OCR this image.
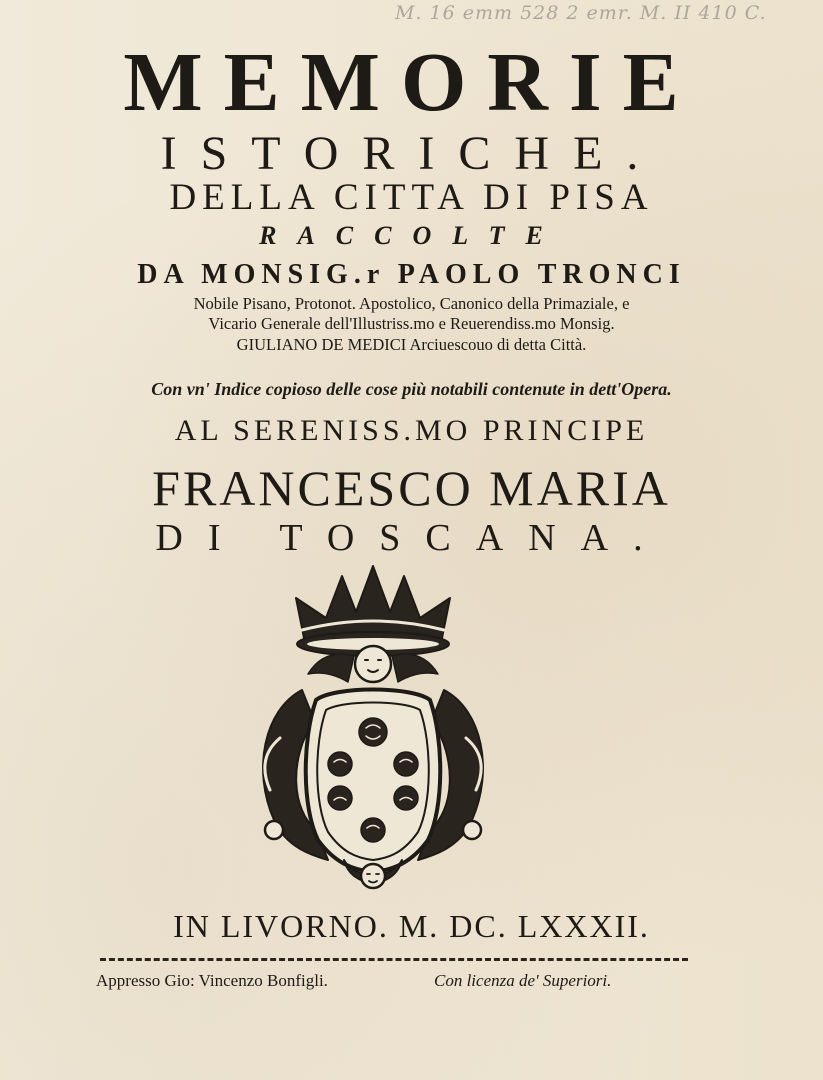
M. 16 emm 528 2 emr. M. II 410 C.
MEMORIE
ISTORICHE.
DELLA CITTA DI PISA
RACCOLTE
DA MONSIG.r PAOLO TRONCI
Nobile Pisano, Protonot. Apostolico, Canonico della Primaziale, e
Vicario Generale dell'Illustriss.mo e Reuerendiss.mo Monsig.
GIULIANO DE MEDICI Arciuescouo di detta Città.
Con vn' Indice copioso delle cose più notabili contenute in dett'Opera.
AL SERENISS.MO PRINCIPE
FRANCESCO MARIA
DI TOSCANA.
IN LIVORNO. M. DC. LXXXII.
Appresso Gio: Vincenzo Bonfigli.	Con licenza de' Superiori.
